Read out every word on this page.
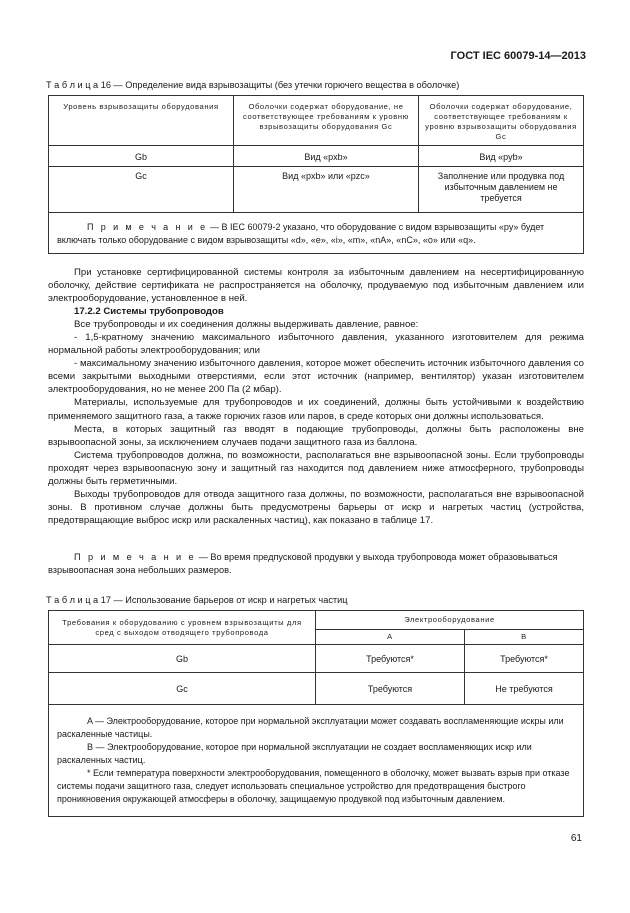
ГОСТ IEC 60079-14—2013
Т а б л и ц а 16 — Определение вида взрывозащиты (без утечки горючего вещества в оболочке)
Уровень взрывозащиты оборудования	Оболочки содержат оборудование, не соответствующее требованиям к уровню взрывозащиты оборудования Gc	Оболочки содержат оборудование, соответствующее требованиям к уровню взрывозащиты оборудования Gc
Gb	Вид «pxb»	Вид «pyb»
Gc	Вид «pxb» или «pzc»	Заполнение или продувка под избыточным давлением не требуется

П р и м е ч а н и е — В IEC 60079-2 указано, что оборудование с видом взрывозащиты «py» будет включать только оборудование с видом взрывозащиты «d», «e», «i», «m», «nA», «nC», «o» или «q».		

При установке сертифицированной системы контроля за избыточным давлением на несертифицированную оболочку, действие сертификата не распространяется на оболочку, продуваемую под избыточным давлением или электрооборудование, установленное в ней.

17.2.2 Системы трубопроводов

Все трубопроводы и их соединения должны выдерживать давление, равное:

- 1,5-кратному значению максимального избыточного давления, указанного изготовителем для режима нормальной работы электрооборудования; или

- максимальному значению избыточного давления, которое может обеспечить источник избыточного давления со всеми закрытыми выходными отверстиями, если этот источник (например, вентилятор) указан изготовителем электрооборудования, но не менее 200 Па (2 мбар).

Материалы, используемые для трубопроводов и их соединений, должны быть устойчивыми к воздействию применяемого защитного газа, а также горючих газов или паров, в среде которых они должны использоваться.

Места, в которых защитный газ вводят в подающие трубопроводы, должны быть расположены вне взрывоопасной зоны, за исключением случаев подачи защитного газа из баллона.

Система трубопроводов должна, по возможности, располагаться вне взрывоопасной зоны. Если трубопроводы проходят через взрывоопасную зону и защитный газ находится под давлением ниже атмосферного, трубопроводы должны быть герметичными.

Выходы трубопроводов для отвода защитного газа должны, по возможности, располагаться вне взрывоопасной зоны. В противном случае должны быть предусмотрены барьеры от искр и нагретых частиц (устройства, предотвращающие выброс искр или раскаленных частиц), как показано в таблице 17.

П р и м е ч а н и е — Во время предпусковой продувки у выхода трубопровода может образовываться взрывоопасная зона небольших размеров.

Т а б л и ц а 17 — Использование барьеров от искр и нагретых частиц
Требования к оборудованию с уровнем взрывозащиты для сред с выходом отводящего трубопровода	Электрооборудование	
	A	B
Gb	Требуются*	Требуются*
Gc	Требуются	Не требуются

A — Электрооборудование, которое при нормальной эксплуатации может создавать воспламеняющие искры или раскаленные частицы.

B — Электрооборудование, которое при нормальной эксплуатации не создает воспламеняющих искр или раскаленных частиц.

* Если температура поверхности электрооборудования, помещенного в оболочку, может вызвать взрыв при отказе системы подачи защитного газа, следует использовать специальное устройство для предотвращения быстрого проникновения окружающей атмосферы в оболочку, защищаемую продувкой под избыточным давлением.		

61
